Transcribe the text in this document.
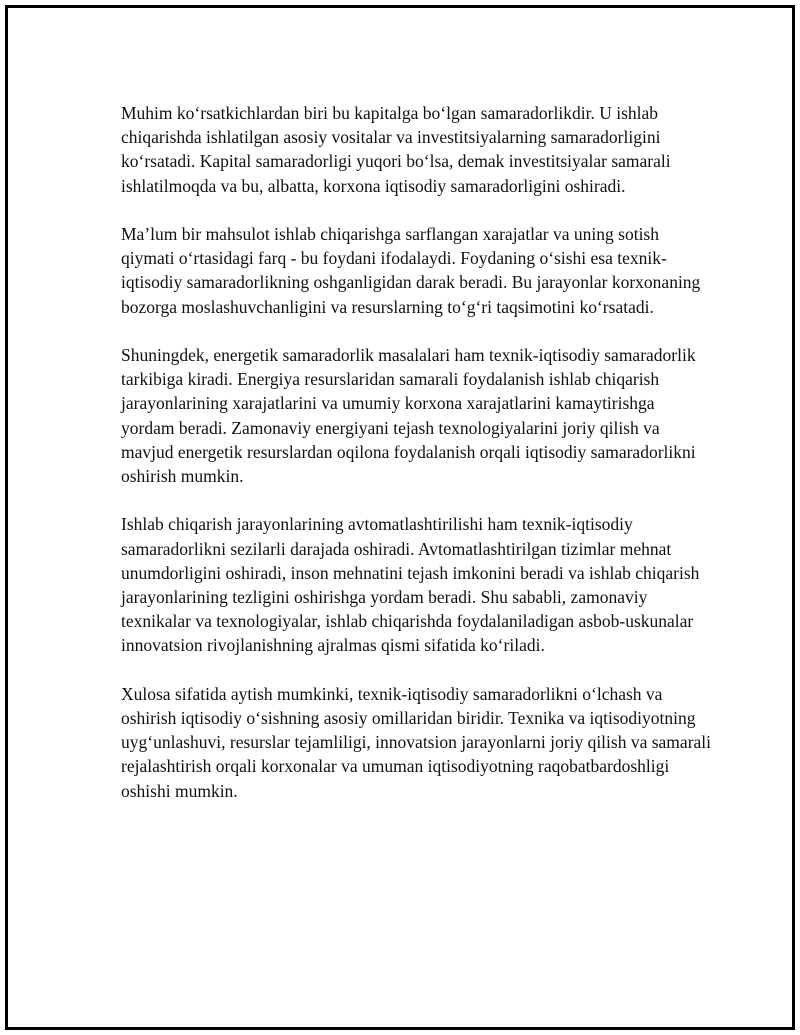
Muhim ko‘rsatkichlardan biri bu kapitalga bo‘lgan samaradorlikdir. U ishlab chiqarishda ishlatilgan asosiy vositalar va investitsiyalarning samaradorligini ko‘rsatadi. Kapital samaradorligi yuqori bo‘lsa, demak investitsiyalar samarali ishlatilmoqda va bu, albatta, korxona iqtisodiy samaradorligini oshiradi.

Ma’lum bir mahsulot ishlab chiqarishga sarflangan xarajatlar va uning sotish qiymati o‘rtasidagi farq - bu foydani ifodalaydi. Foydaning o‘sishi esa texnik-iqtisodiy samaradorlikning oshganligidan darak beradi. Bu jarayonlar korxonaning bozorga moslashuvchanligini va resurslarning to‘g‘ri taqsimotini ko‘rsatadi.

Shuningdek, energetik samaradorlik masalalari ham texnik-iqtisodiy samaradorlik tarkibiga kiradi. Energiya resurslaridan samarali foydalanish ishlab chiqarish jarayonlarining xarajatlarini va umumiy korxona xarajatlarini kamaytirishga yordam beradi. Zamonaviy energiyani tejash texnologiyalarini joriy qilish va mavjud energetik resurslardan oqilona foydalanish orqali iqtisodiy samaradorlikni oshirish mumkin.

Ishlab chiqarish jarayonlarining avtomatlashtirilishi ham texnik-iqtisodiy samaradorlikni sezilarli darajada oshiradi. Avtomatlashtirilgan tizimlar mehnat unumdorligini oshiradi, inson mehnatini tejash imkonini beradi va ishlab chiqarish jarayonlarining tezligini oshirishga yordam beradi. Shu sababli, zamonaviy texnikalar va texnologiyalar, ishlab chiqarishda foydalaniladigan asbob-uskunalar innovatsion rivojlanishning ajralmas qismi sifatida ko‘riladi.

Xulosa sifatida aytish mumkinki, texnik-iqtisodiy samaradorlikni o‘lchash va oshirish iqtisodiy o‘sishning asosiy omillaridan biridir. Texnika va iqtisodiyotning uyg‘unlashuvi, resurslar tejamliligi, innovatsion jarayonlarni joriy qilish va samarali rejalashtirish orqali korxonalar va umuman iqtisodiyotning raqobatbardoshligi oshishi mumkin.
